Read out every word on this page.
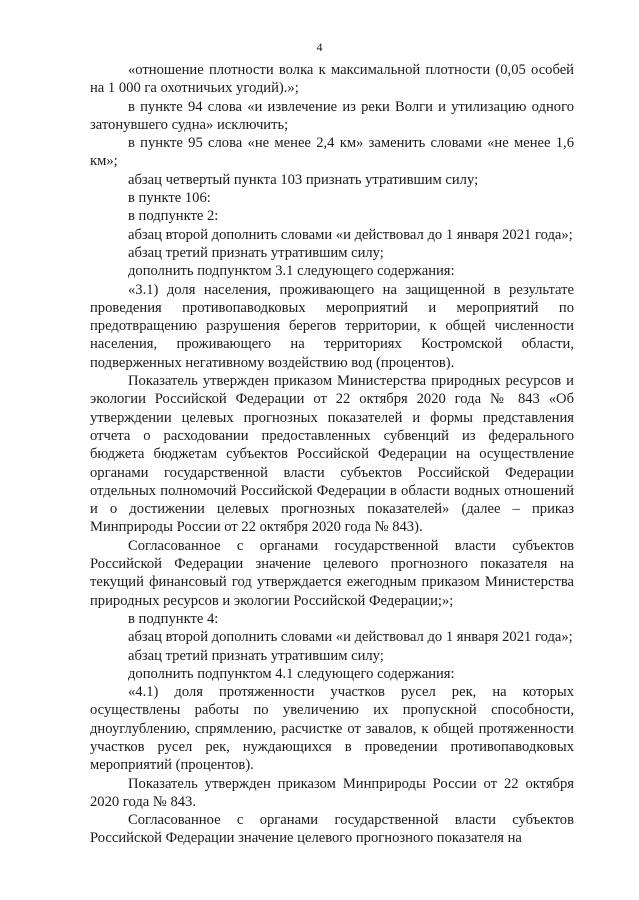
4

«отношение плотности волка к максимальной плотности (0,05 особей на 1 000 га охотничьих угодий).»;

в пункте 94 слова «и извлечение из реки Волги и утилизацию одного затонувшего судна» исключить;

в пункте 95 слова «не менее 2,4 км» заменить словами «не менее 1,6 км»;

абзац четвертый пункта 103 признать утратившим силу;

в пункте 106:

в подпункте 2:

абзац второй дополнить словами «и действовал до 1 января 2021 года»;

абзац третий признать утратившим силу;

дополнить подпунктом 3.1 следующего содержания:

«3.1) доля населения, проживающего на защищенной в результате проведения противопаводковых мероприятий и мероприятий по предотвращению разрушения берегов территории, к общей численности населения, проживающего на территориях Костромской области, подверженных негативному воздействию вод (процентов).

Показатель утвержден приказом Министерства природных ресурсов и экологии Российской Федерации от 22 октября 2020 года № 843 «Об утверждении целевых прогнозных показателей и формы представления отчета о расходовании предоставленных субвенций из федерального бюджета бюджетам субъектов Российской Федерации на осуществление органами государственной власти субъектов Российской Федерации отдельных полномочий Российской Федерации в области водных отношений и о достижении целевых прогнозных показателей» (далее – приказ Минприроды России от 22 октября 2020 года № 843).

Согласованное с органами государственной власти субъектов Российской Федерации значение целевого прогнозного показателя на текущий финансовый год утверждается ежегодным приказом Министерства природных ресурсов и экологии Российской Федерации;»;

в подпункте 4:

абзац второй дополнить словами «и действовал до 1 января 2021 года»;

абзац третий признать утратившим силу;

дополнить подпунктом 4.1 следующего содержания:

«4.1) доля протяженности участков русел рек, на которых осуществлены работы по увеличению их пропускной способности, дноуглублению, спрямлению, расчистке от завалов, к общей протяженности участков русел рек, нуждающихся в проведении противопаводковых мероприятий (процентов).

Показатель утвержден приказом Минприроды России от 22 октября 2020 года № 843.

Согласованное с органами государственной власти субъектов Российской Федерации значение целевого прогнозного показателя на
